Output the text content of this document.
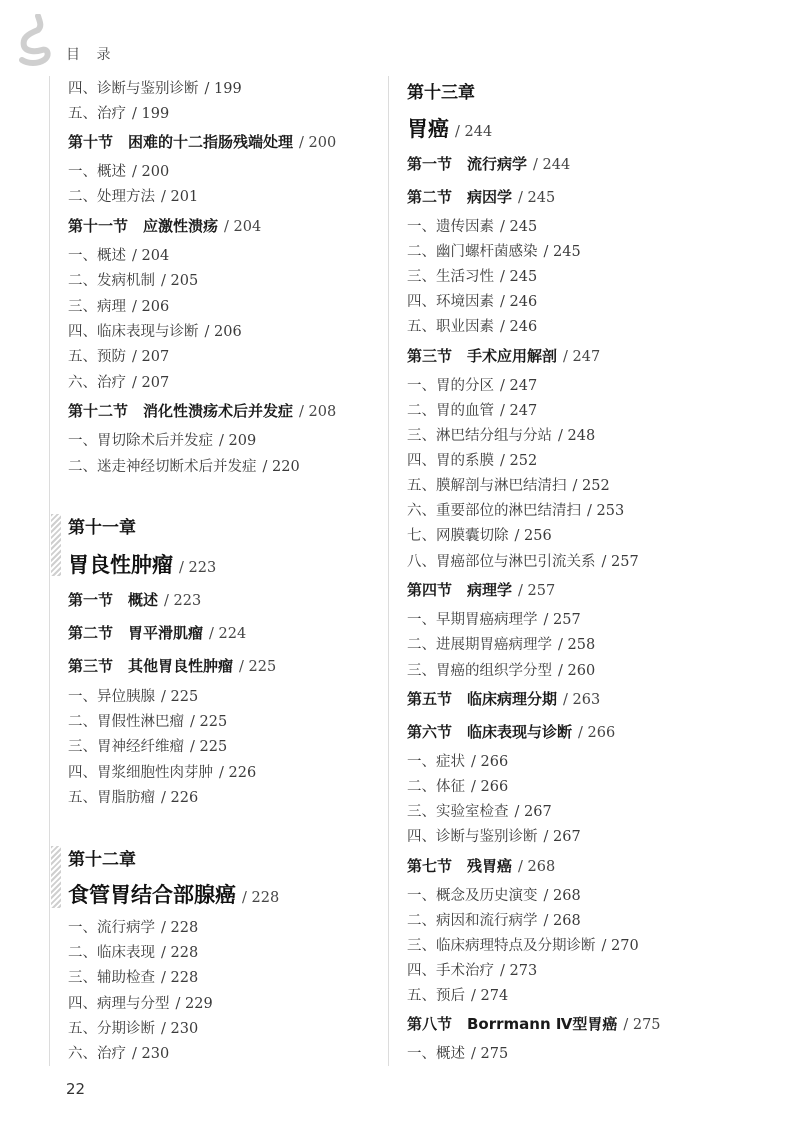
目 录
四、诊断与鉴别诊断 / 199
五、治疗 / 199
第十节　困难的十二指肠残端处理 / 200
一、概述 / 200
二、处理方法 / 201
第十一节　应激性溃疡 / 204
一、概述 / 204
二、发病机制 / 205
三、病理 / 206
四、临床表现与诊断 / 206
五、预防 / 207
六、治疗 / 207
第十二节　消化性溃疡术后并发症 / 208
一、胃切除术后并发症 / 209
二、迷走神经切断术后并发症 / 220
第十一章
胃良性肿瘤 / 223
第一节　概述 / 223
第二节　胃平滑肌瘤 / 224
第三节　其他胃良性肿瘤 / 225
一、异位胰腺 / 225
二、胃假性淋巴瘤 / 225
三、胃神经纤维瘤 / 225
四、胃浆细胞性肉芽肿 / 226
五、胃脂肪瘤 / 226
第十二章
食管胃结合部腺癌 / 228
一、流行病学 / 228
二、临床表现 / 228
三、辅助检查 / 228
四、病理与分型 / 229
五、分期诊断 / 230
六、治疗 / 230
第十三章
胃癌 / 244
第一节　流行病学 / 244
第二节　病因学 / 245
一、遗传因素 / 245
二、幽门螺杆菌感染 / 245
三、生活习性 / 245
四、环境因素 / 246
五、职业因素 / 246
第三节　手术应用解剖 / 247
一、胃的分区 / 247
二、胃的血管 / 247
三、淋巴结分组与分站 / 248
四、胃的系膜 / 252
五、膜解剖与淋巴结清扫 / 252
六、重要部位的淋巴结清扫 / 253
七、网膜囊切除 / 256
八、胃癌部位与淋巴引流关系 / 257
第四节　病理学 / 257
一、早期胃癌病理学 / 257
二、进展期胃癌病理学 / 258
三、胃癌的组织学分型 / 260
第五节　临床病理分期 / 263
第六节　临床表现与诊断 / 266
一、症状 / 266
二、体征 / 266
三、实验室检查 / 267
四、诊断与鉴别诊断 / 267
第七节　残胃癌 / 268
一、概念及历史演变 / 268
二、病因和流行病学 / 268
三、临床病理特点及分期诊断 / 270
四、手术治疗 / 273
五、预后 / 274
第八节　Borrmann Ⅳ型胃癌 / 275
一、概述 / 275
22
